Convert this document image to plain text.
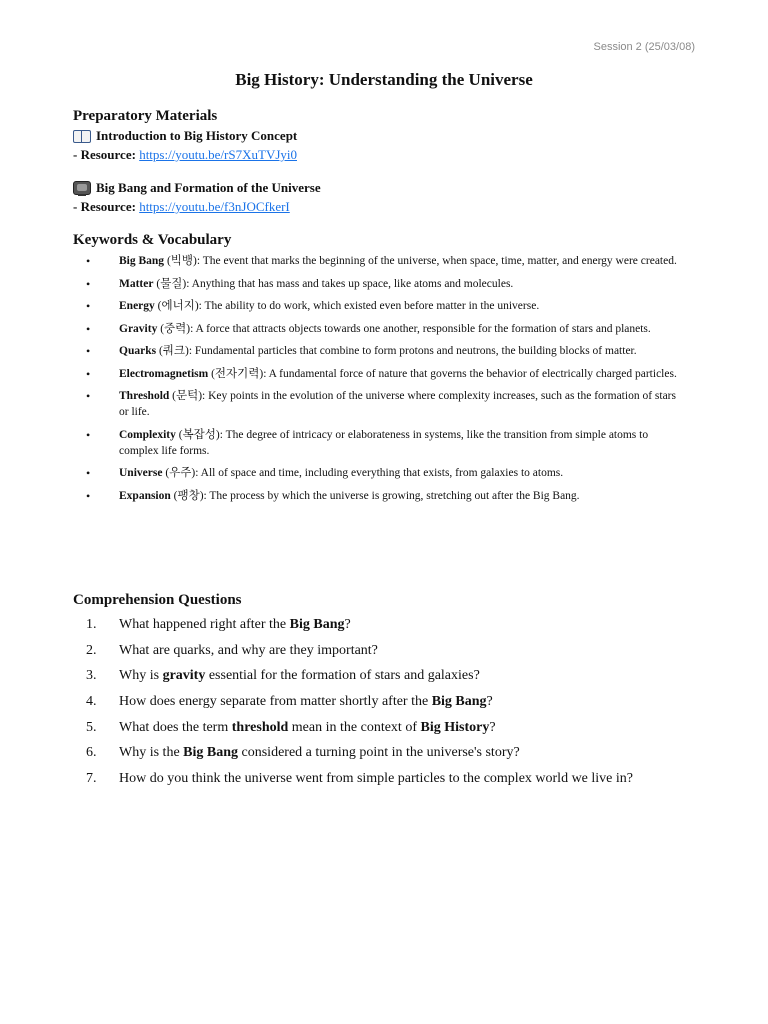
Session 2 (25/03/08)
Big History: Understanding the Universe
Preparatory Materials
Introduction to Big History Concept
- Resource: https://youtu.be/rS7XuTVJyi0
Big Bang and Formation of the Universe
- Resource: https://youtu.be/f3nJOCfkerI
Keywords & Vocabulary
•	Big Bang (빅뱅): The event that marks the beginning of the universe, when space, time, matter, and energy were created.
•	Matter (물질): Anything that has mass and takes up space, like atoms and molecules.
•	Energy (에너지): The ability to do work, which existed even before matter in the universe.
•	Gravity (중력): A force that attracts objects towards one another, responsible for the formation of stars and planets.
•	Quarks (쿼크): Fundamental particles that combine to form protons and neutrons, the building blocks of matter.
•	Electromagnetism (전자기력): A fundamental force of nature that governs the behavior of electrically charged particles.
•	Threshold (문턱): Key points in the evolution of the universe where complexity increases, such as the formation of stars or life.
•	Complexity (복잡성): The degree of intricacy or elaborateness in systems, like the transition from simple atoms to complex life forms.
•	Universe (우주): All of space and time, including everything that exists, from galaxies to atoms.
•	Expansion (팽창): The process by which the universe is growing, stretching out after the Big Bang.
Comprehension Questions
1. What happened right after the Big Bang?
2. What are quarks, and why are they important?
3. Why is gravity essential for the formation of stars and galaxies?
4. How does energy separate from matter shortly after the Big Bang?
5. What does the term threshold mean in the context of Big History?
6. Why is the Big Bang considered a turning point in the universe's story?
7. How do you think the universe went from simple particles to the complex world we live in?
